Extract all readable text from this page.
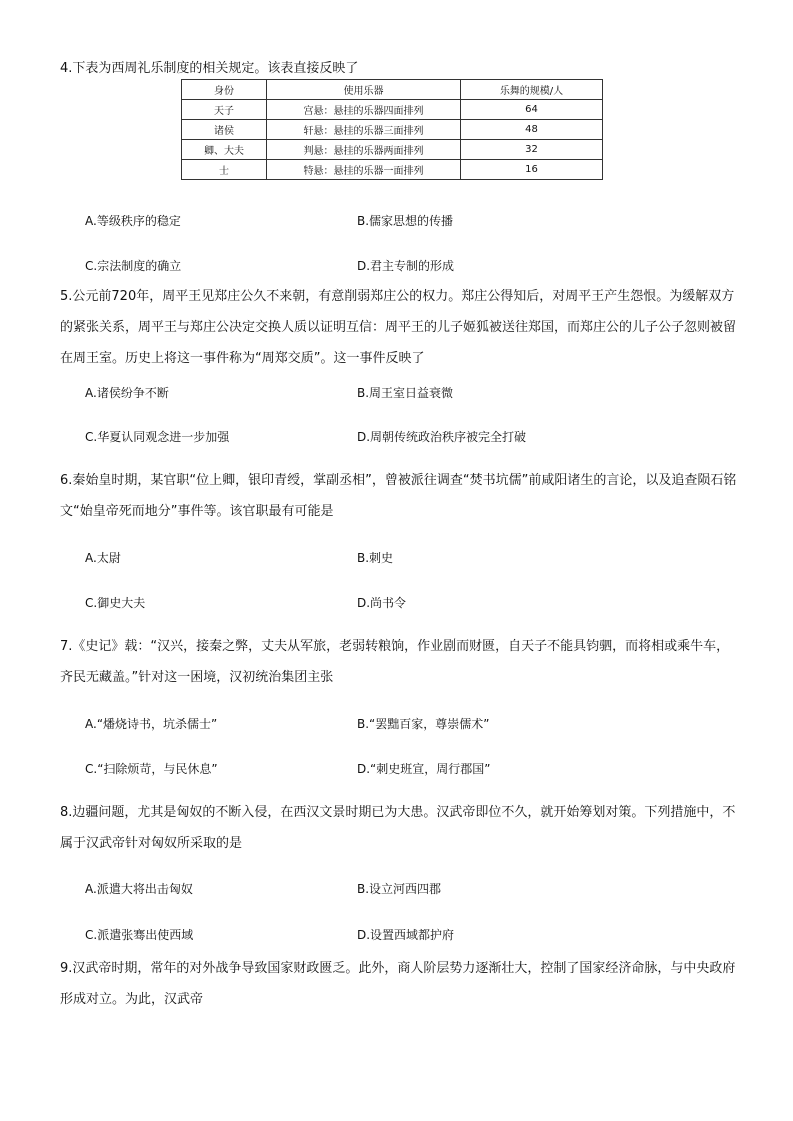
4.下表为西周礼乐制度的相关规定。该表直接反映了

身份	使用乐器	乐舞的规模/人
天子	宫悬：悬挂的乐器四面排列	64
诸侯	轩悬：悬挂的乐器三面排列	48
卿、大夫	判悬：悬挂的乐器两面排列	32
士	特悬：悬挂的乐器一面排列	16
A.等级秩序的稳定	B.儒家思想的传播
C.宗法制度的确立	D.君主专制的形成

5.公元前720年，周平王见郑庄公久不来朝，有意削弱郑庄公的权力。郑庄公得知后，对周平王产生怨恨。为缓解双方的紧张关系，周平王与郑庄公决定交换人质以证明互信：周平王的儿子姬狐被送往郑国，而郑庄公的儿子公子忽则被留在周王室。历史上将这一事件称为“周郑交质”。这一事件反映了

A.诸侯纷争不断	B.周王室日益衰微
C.华夏认同观念进一步加强	D.周朝传统政治秩序被完全打破

6.秦始皇时期，某官职“位上卿，银印青绶，掌副丞相”，曾被派往调查“焚书坑儒”前咸阳诸生的言论，以及追查陨石铭文“始皇帝死而地分”事件等。该官职最有可能是

A.太尉	B.刺史
C.御史大夫	D.尚书令

7.《史记》载：“汉兴，接秦之弊，丈夫从军旅，老弱转粮饷，作业剧而财匮，自天子不能具钧驷，而将相或乘牛车，齐民无藏盖。”针对这一困境，汉初统治集团主张

A.“燔烧诗书，坑杀儒士”	B.“罢黜百家，尊崇儒术”
C.“扫除烦苛，与民休息”	D.“刺史班宣，周行郡国”

8.边疆问题，尤其是匈奴的不断入侵，在西汉文景时期已为大患。汉武帝即位不久，就开始筹划对策。下列措施中，不属于汉武帝针对匈奴所采取的是

A.派遣大将出击匈奴	B.设立河西四郡
C.派遣张骞出使西域	D.设置西域都护府

9.汉武帝时期，常年的对外战争导致国家财政匮乏。此外，商人阶层势力逐渐壮大，控制了国家经济命脉，与中央政府形成对立。为此，汉武帝
